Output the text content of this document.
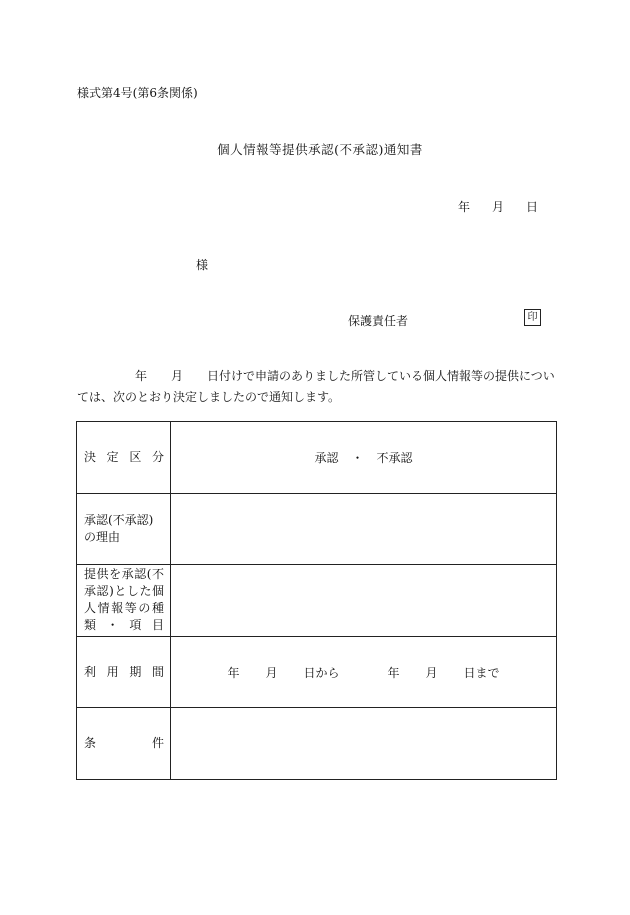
様式第4号(第6条関係)
個人情報等提供承認(不承認)通知書
年 月 日
様
保護責任者	印
年 月 日付けで申請のありました所管している個人情報等の提供については、次のとおり決定しましたので通知します。
決定区分	承認 ・ 不承認
承認(不承認)の理由	
提供を承認(不承認)とした個人情報等の種類・項目	
利用期間	年 月 日から 年 月 日まで
条件	
